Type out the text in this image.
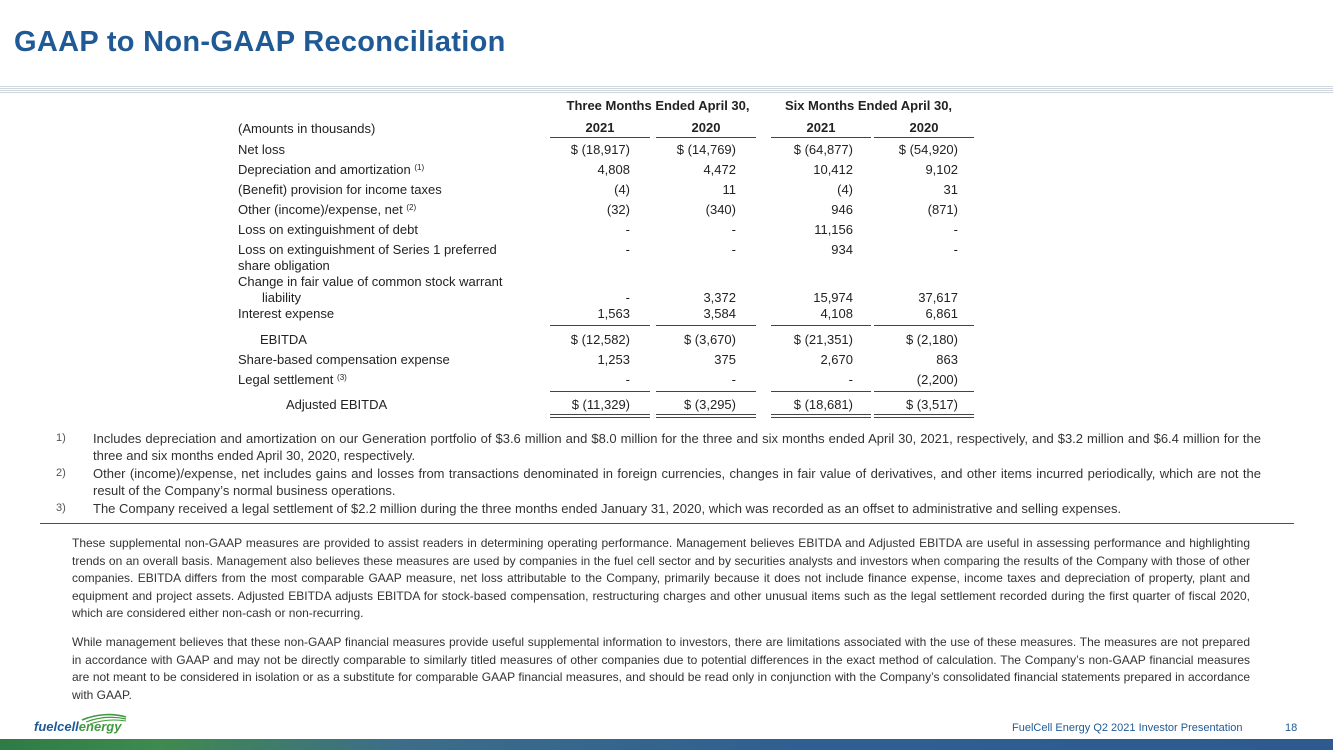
GAAP to Non-GAAP Reconciliation
Three Months Ended April 30,	Six Months Ended April 30,
(Amounts in thousands)	2021	2020	2021	2020
Net loss	$ (18,917)	$ (14,769)	$ (64,877)	$ (54,920)
Depreciation and amortization $^{(1)}$	4,808	4,472	10,412	9,102
(Benefit) provision for income taxes	(4)	11	(4)	31
Other (income)/expense, net $^{(2)}$	(32)	(340)	946	(871)
Loss on extinguishment of debt	-	-	11,156	-
Loss on extinguishment of Series 1 preferred
share obligation
-	-	934	-
Change in fair value of common stock warrant
liability	-	3,372	15,974	37,617
Interest expense	1,563	3,584	4,108	6,861
EBITDA	$ (12,582)	$ (3,670)	$ (21,351)	$ (2,180)
Share-based compensation expense	1,253	375	2,670	863
Legal settlement $^{(3)}$	-	-	-	(2,200)
Adjusted EBITDA	$ (11,329)	$ (3,295)	$ (18,681)	$ (3,517)
1) Includes depreciation and amortization on our Generation portfolio of $3.6 million and $8.0 million for the three and six months ended April 30, 2021, respectively, and $3.2 million and $6.4 million for the three and six months ended April 30, 2020, respectively.
2) Other (income)/expense, net includes gains and losses from transactions denominated in foreign currencies, changes in fair value of derivatives, and other items incurred periodically, which are not the result of the Company’s normal business operations.
3) The Company received a legal settlement of $2.2 million during the three months ended January 31, 2020, which was recorded as an offset to administrative and selling expenses.
These supplemental non-GAAP measures are provided to assist readers in determining operating performance. Management believes EBITDA and Adjusted EBITDA are useful in assessing performance and highlighting trends on an overall basis. Management also believes these measures are used by companies in the fuel cell sector and by securities analysts and investors when comparing the results of the Company with those of other companies. EBITDA differs from the most comparable GAAP measure, net loss attributable to the Company, primarily because it does not include finance expense, income taxes and depreciation of property, plant and equipment and project assets. Adjusted EBITDA adjusts EBITDA for stock-based compensation, restructuring charges and other unusual items such as the legal settlement recorded during the first quarter of fiscal 2020, which are considered either non-cash or non-recurring.
While management believes that these non-GAAP financial measures provide useful supplemental information to investors, there are limitations associated with the use of these measures. The measures are not prepared in accordance with GAAP and may not be directly comparable to similarly titled measures of other companies due to potential differences in the exact method of calculation. The Company’s non-GAAP financial measures are not meant to be considered in isolation or as a substitute for comparable GAAP financial measures, and should be read only in conjunction with the Company’s consolidated financial statements prepared in accordance with GAAP.
fuelcellenergy	FuelCell Energy Q2 2021 Investor Presentation	18
